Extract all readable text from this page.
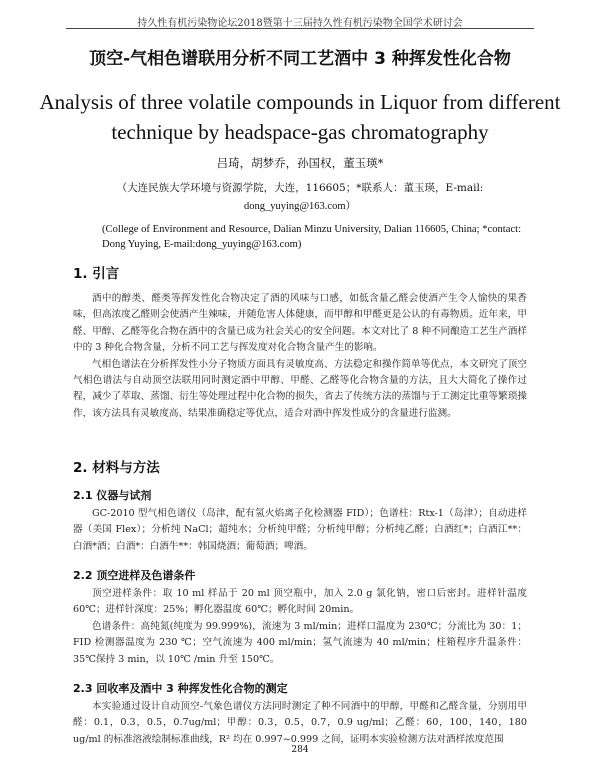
持久性有机污染物论坛2018暨第十三届持久性有机污染物全国学术研讨会
顶空-气相色谱联用分析不同工艺酒中 3 种挥发性化合物
Analysis of three volatile compounds in Liquor from different
technique by headspace-gas chromatography
吕琦，胡梦乔，孙国权，董玉瑛*
（大连民族大学环境与资源学院，大连，116605；*联系人：董玉瑛，E-mail:
dong_yuying@163.com）
(College of Environment and Resource, Dalian Minzu University, Dalian 116605, China; *contact: Dong Yuying, E-mail:dong_yuying@163.com)
1. 引言

酒中的醇类、醛类等挥发性化合物决定了酒的风味与口感，如低含量乙醛会使酒产生令人愉快的果香味，但高浓度乙醛则会使酒产生辣味，并随危害人体健康，而甲醇和甲醛更是公认的有毒物质。近年来，甲醛、甲醇、乙醛等化合物在酒中的含量已成为社会关心的安全问题。本文对比了 8 种不同酿造工艺生产酒样中的 3 种化合物含量，分析不同工艺与挥发度对化合物含量产生的影响。

气相色谱法在分析挥发性小分子物质方面具有灵敏度高、方法稳定和操作简单等优点，本文研究了顶空气相色谱法与自动顶空法联用同时测定酒中甲醇、甲醛、乙醛等化合物含量的方法，且大大简化了操作过程，减少了萃取、蒸馏、衍生等处理过程中化合物的损失，省去了传统方法的蒸馏与于工测定比重等繁琐操作，该方法具有灵敏度高、结果准确稳定等优点，适合对酒中挥发性成分的含量进行监测。

2. 材料与方法
2.1 仪器与试剂

GC-2010 型气相色谱仪（岛津，配有氢火焰离子化检测器 FID）；色谱柱：Rtx-1（岛津）；自动进样器（美国 Flex）；分析纯 NaCl；超纯水；分析纯甲醛；分析纯甲醇；分析纯乙醛；白酒红*；白酒江**：白酒*酒；白酒*：白酒牛**：韩国烧酒；葡萄酒；啤酒。

2.2 顶空进样及色谱条件

顶空进样条件：取 10 ml 样品于 20 ml 顶空瓶中，加入 2.0 g 氯化钠，密口后密封。进样针温度 60℃；进样针深度：25%；孵化器温度 60℃；孵化时间 20min。

色谱条件：高纯氮(纯度为 99.999%)，流速为 3 ml/min；进样口温度为 230℃；分流比为 30：1；FID 检测器温度为 230 ℃；空气流速为 400 ml/min；氢气流速为 40 ml/min；柱箱程序升温条件：35℃保持 3 min，以 10℃ /min 升至 150℃。

2.3 回收率及酒中 3 种挥发性化合物的测定

本实验通过设计自动顶空-气象色谱仪方法同时测定了种不同酒中的甲醇，甲醛和乙醛含量，分别用甲醛：0.1，0.3，0.5，0.7ug/ml；甲醇：0.3，0.5，0.7，0.9 ug/ml；乙醛：60，100，140，180 ug/ml 的标准溶液绘制标准曲线，R² 均在 0.997~0.999 之间，证明本实验检测方法对酒样浓度范围

284
